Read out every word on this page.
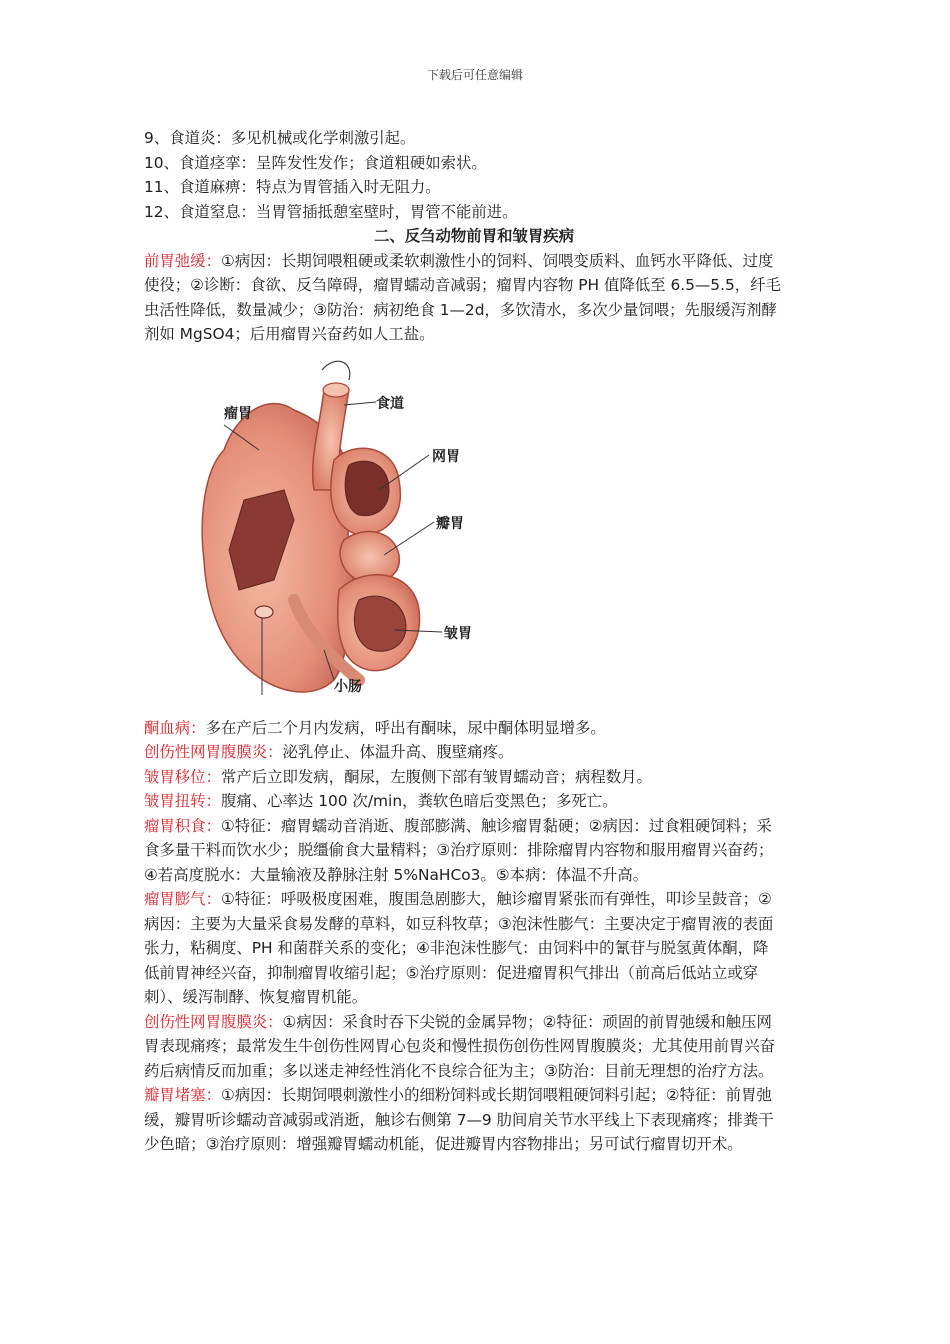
下载后可任意编辑
9、食道炎：多见机械或化学刺激引起。
10、食道痉挛：呈阵发性发作；食道粗硬如索状。
11、食道麻痹：特点为胃管插入时无阻力。
12、食道窒息：当胃管插抵憩室壁时，胃管不能前进。
二、反刍动物前胃和皱胃疾病
前胃弛缓：①病因：长期饲喂粗硬或柔软刺激性小的饲料、饲喂变质料、血钙水平降低、过度
使役；②诊断：食欲、反刍障碍，瘤胃蠕动音减弱；瘤胃内容物 PH 值降低至 6.5—5.5，纤毛
虫活性降低，数量减少；③防治：病初绝食 1—2d，多饮清水，多次少量饲喂；先服缓泻剂酵
剂如 MgSO4；后用瘤胃兴奋药如人工盐。
瘤胃
食道
网胃
瓣胃
皱胃
小肠
酮血病：多在产后二个月内发病，呼出有酮味，尿中酮体明显增多。
创伤性网胃腹膜炎：泌乳停止、体温升高、腹壁痛疼。
皱胃移位：常产后立即发病，酮尿，左腹侧下部有皱胃蠕动音；病程数月。
皱胃扭转：腹痛、心率达 100 次/min，粪软色暗后变黑色；多死亡。
瘤胃积食：①特征：瘤胃蠕动音消逝、腹部膨满、触诊瘤胃黏硬；②病因：过食粗硬饲料；采
食多量干料而饮水少；脱缰偷食大量精料；③治疗原则：排除瘤胃内容物和服用瘤胃兴奋药；
④若高度脱水：大量输液及静脉注射 5%NaHCo3。⑤本病：体温不升高。
瘤胃膨气：①特征：呼吸极度困难，腹围急剧膨大，触诊瘤胃紧张而有弹性，叩诊呈鼓音；②
病因：主要为大量采食易发酵的草料，如豆科牧草；③泡沫性膨气：主要决定于瘤胃液的表面
张力，粘稠度、PH 和菌群关系的变化；④非泡沫性膨气：由饲料中的氰苷与脱氢黄体酮，降
低前胃神经兴奋，抑制瘤胃收缩引起；⑤治疗原则：促进瘤胃积气排出（前高后低站立或穿
刺）、缓泻制酵、恢复瘤胃机能。
创伤性网胃腹膜炎：①病因：采食时吞下尖锐的金属异物；②特征：顽固的前胃弛缓和触压网
胃表现痛疼；最常发生牛创伤性网胃心包炎和慢性损伤创伤性网胃腹膜炎；尤其使用前胃兴奋
药后病情反而加重；多以迷走神经性消化不良综合征为主；③防治：目前无理想的治疗方法。
瓣胃堵塞：①病因：长期饲喂刺激性小的细粉饲料或长期饲喂粗硬饲料引起；②特征：前胃弛
缓，瓣胃听诊蠕动音减弱或消逝，触诊右侧第 7—9 肋间肩关节水平线上下表现痛疼；排粪干
少色暗；③治疗原则：增强瓣胃蠕动机能，促进瓣胃内容物排出；另可试行瘤胃切开术。
